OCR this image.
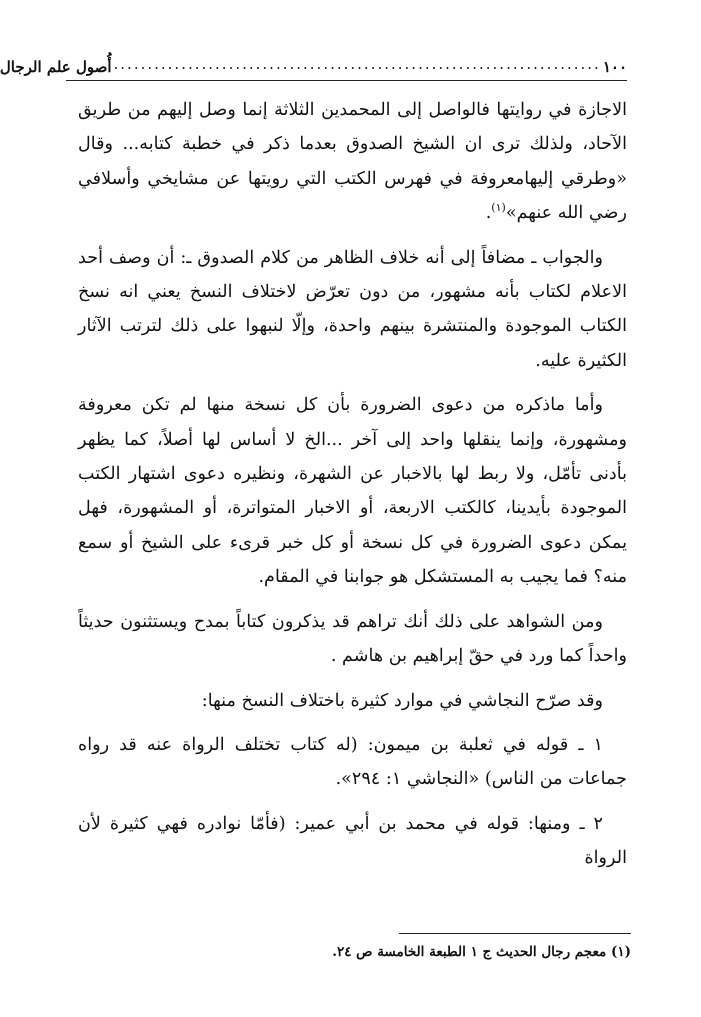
١٠٠
........................................................................
أُصول علم الرجال

الاجازة في روايتها فالواصل إلى المحمدين الثلاثة إنما وصل إليهم من طريق الآحاد، ولذلك ترى ان الشيخ الصدوق بعدما ذكر في خطبة كتابه... وقال «وطرقي إليهامعروفة في فهرس الكتب التي رويتها عن مشايخي وأسلافي رضي الله عنهم»$^{(١)}$.

والجواب ـ مضافاً إلى أنه خلاف الظاهر من كلام الصدوق ـ: أن وصف أحد الاعلام لكتاب بأنه مشهور، من دون تعرّض لاختلاف النسخ يعني انه نسخ الكتاب الموجودة والمنتشرة بينهم واحدة، وإلّا لنبهوا على ذلك لترتب الآثار الكثيرة عليه.

وأما ماذكره من دعوى الضرورة بأن كل نسخة منها لم تكن معروفة ومشهورة، وإنما ينقلها واحد إلى آخر ...الخ لا أساس لها أصلاً، كما يظهر بأدنى تأمّل، ولا ربط لها بالاخبار عن الشهرة، ونظيره دعوى اشتهار الكتب الموجودة بأيدينا، كالكتب الاربعة، أو الاخبار المتواترة، أو المشهورة، فهل يمكن دعوى الضرورة في كل نسخة أو كل خبر قرىء على الشيخ أو سمع منه؟ فما يجيب به المستشكل هو جوابنا في المقام.

ومن الشواهد على ذلك أنك تراهم قد يذكرون كتاباً بمدح ويستثنون حديثاً واحداً كما ورد في حقّ إبراهيم بن هاشم .

وقد صرّح النجاشي في موارد كثيرة باختلاف النسخ منها:

١ ـ قوله في ثعلبة بن ميمون: (له كتاب تختلف الرواة عنه قد رواه جماعات من الناس) «النجاشي ١: ٢٩٤».

٢ ـ ومنها: قوله في محمد بن أبي عمير: (فأمّا نوادره فهي كثيرة لأن الرواة

(١) معجم رجال الحديث ج ١ الطبعة الخامسة ص ٢٤.
